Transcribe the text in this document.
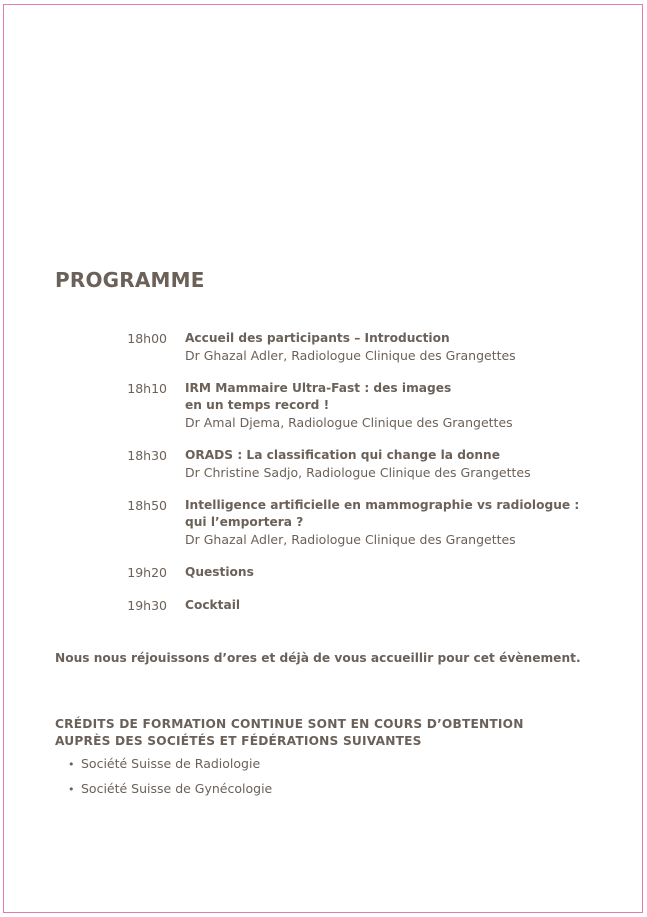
PROGRAMME
18h00 Accueil des participants – Introduction
Dr Ghazal Adler, Radiologue Clinique des Grangettes
18h10 IRM Mammaire Ultra-Fast : des images
en un temps record !
Dr Amal Djema, Radiologue Clinique des Grangettes
18h30 ORADS : La classification qui change la donne
Dr Christine Sadjo, Radiologue Clinique des Grangettes
18h50 Intelligence artificielle en mammographie vs radiologue :
qui l’emportera ?
Dr Ghazal Adler, Radiologue Clinique des Grangettes
19h20 Questions
19h30 Cocktail
Nous nous réjouissons d’ores et déjà de vous accueillir pour cet évènement.
CRÉDITS DE FORMATION CONTINUE SONT EN COURS D’OBTENTION
AUPRÈS DES SOCIÉTÉS ET FÉDÉRATIONS SUIVANTES
• Société Suisse de Radiologie
• Société Suisse de Gynécologie
